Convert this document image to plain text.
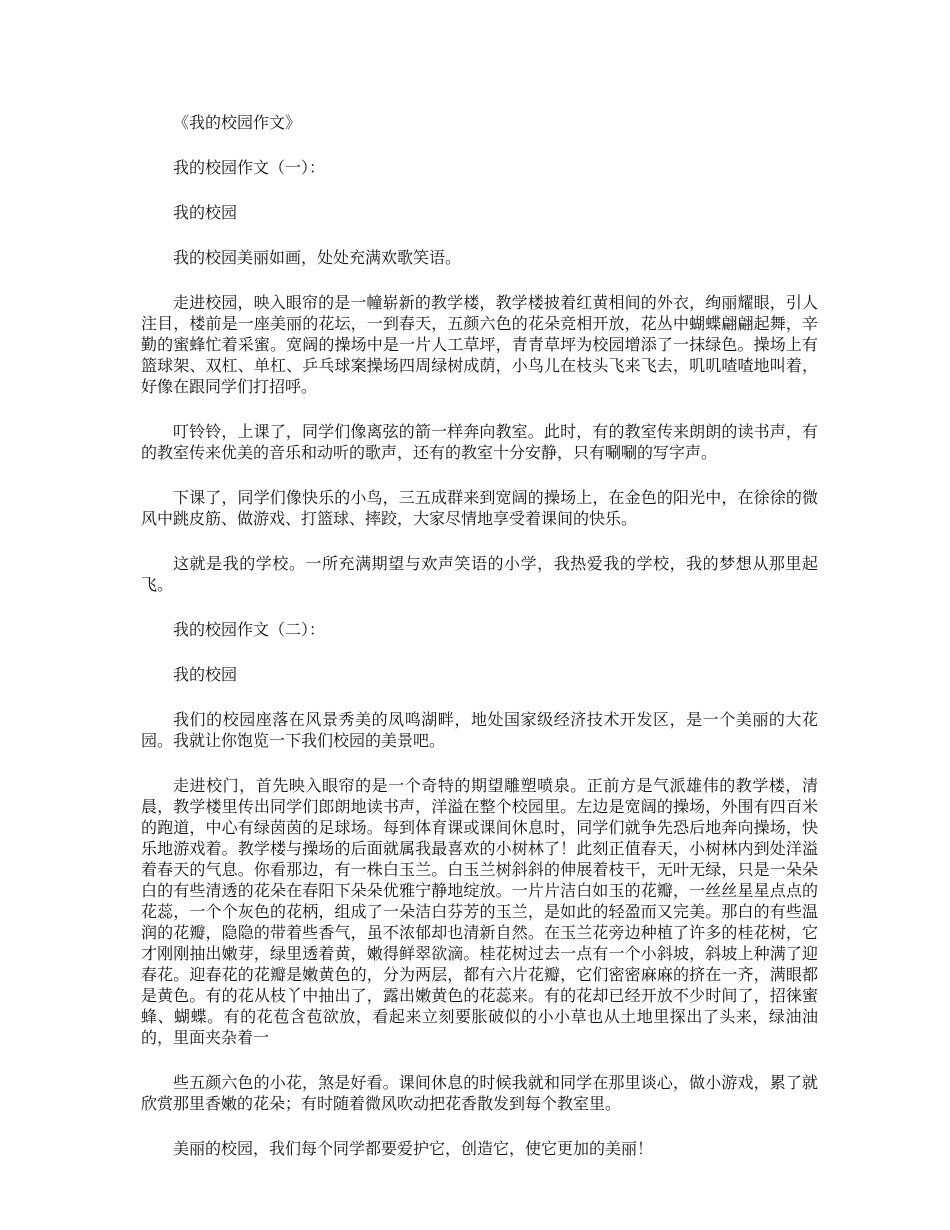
《我的校园作文》

我的校园作文（一）：

我的校园

我的校园美丽如画，处处充满欢歌笑语。

走进校园，映入眼帘的是一幢崭新的教学楼，教学楼披着红黄相间的外衣，绚丽耀眼，引人注目，楼前是一座美丽的花坛，一到春天，五颜六色的花朵竞相开放，花丛中蝴蝶翩翩起舞，辛勤的蜜蜂忙着采蜜。宽阔的操场中是一片人工草坪，青青草坪为校园增添了一抹绿色。操场上有篮球架、双杠、单杠、乒乓球案操场四周绿树成荫，小鸟儿在枝头飞来飞去，叽叽喳喳地叫着，好像在跟同学们打招呼。

叮铃铃，上课了，同学们像离弦的箭一样奔向教室。此时，有的教室传来朗朗的读书声，有的教室传来优美的音乐和动听的歌声，还有的教室十分安静，只有唰唰的写字声。

下课了，同学们像快乐的小鸟，三五成群来到宽阔的操场上，在金色的阳光中，在徐徐的微风中跳皮筋、做游戏、打篮球、摔跤，大家尽情地享受着课间的快乐。

这就是我的学校。一所充满期望与欢声笑语的小学，我热爱我的学校，我的梦想从那里起飞。

我的校园作文（二）：

我的校园

我们的校园座落在风景秀美的凤鸣湖畔，地处国家级经济技术开发区，是一个美丽的大花园。我就让你饱览一下我们校园的美景吧。

走进校门，首先映入眼帘的是一个奇特的期望雕塑喷泉。正前方是气派雄伟的教学楼，清晨，教学楼里传出同学们郎朗地读书声，洋溢在整个校园里。左边是宽阔的操场，外围有四百米的跑道，中心有绿茵茵的足球场。每到体育课或课间休息时，同学们就争先恐后地奔向操场，快乐地游戏着。教学楼与操场的后面就属我最喜欢的小树林了！此刻正值春天，小树林内到处洋溢着春天的气息。你看那边，有一株白玉兰。白玉兰树斜斜的伸展着枝干，无叶无绿，只是一朵朵白的有些清透的花朵在春阳下朵朵优雅宁静地绽放。一片片洁白如玉的花瓣，一丝丝星星点点的花蕊，一个个灰色的花柄，组成了一朵洁白芬芳的玉兰，是如此的轻盈而又完美。那白的有些温润的花瓣，隐隐的带着些香气，虽不浓郁却也清新自然。在玉兰花旁边种植了许多的桂花树，它才刚刚抽出嫩芽，绿里透着黄，嫩得鲜翠欲滴。桂花树过去一点有一个小斜坡，斜坡上种满了迎春花。迎春花的花瓣是嫩黄色的，分为两层，都有六片花瓣，它们密密麻麻的挤在一齐，满眼都是黄色。有的花从枝丫中抽出了，露出嫩黄色的花蕊来。有的花却已经开放不少时间了，招徕蜜蜂、蝴蝶。有的花苞含苞欲放，看起来立刻要胀破似的小小草也从土地里探出了头来，绿油油的，里面夹杂着一

些五颜六色的小花，煞是好看。课间休息的时候我就和同学在那里谈心，做小游戏，累了就欣赏那里香嫩的花朵；有时随着微风吹动把花香散发到每个教室里。

美丽的校园，我们每个同学都要爱护它，创造它，使它更加的美丽！
